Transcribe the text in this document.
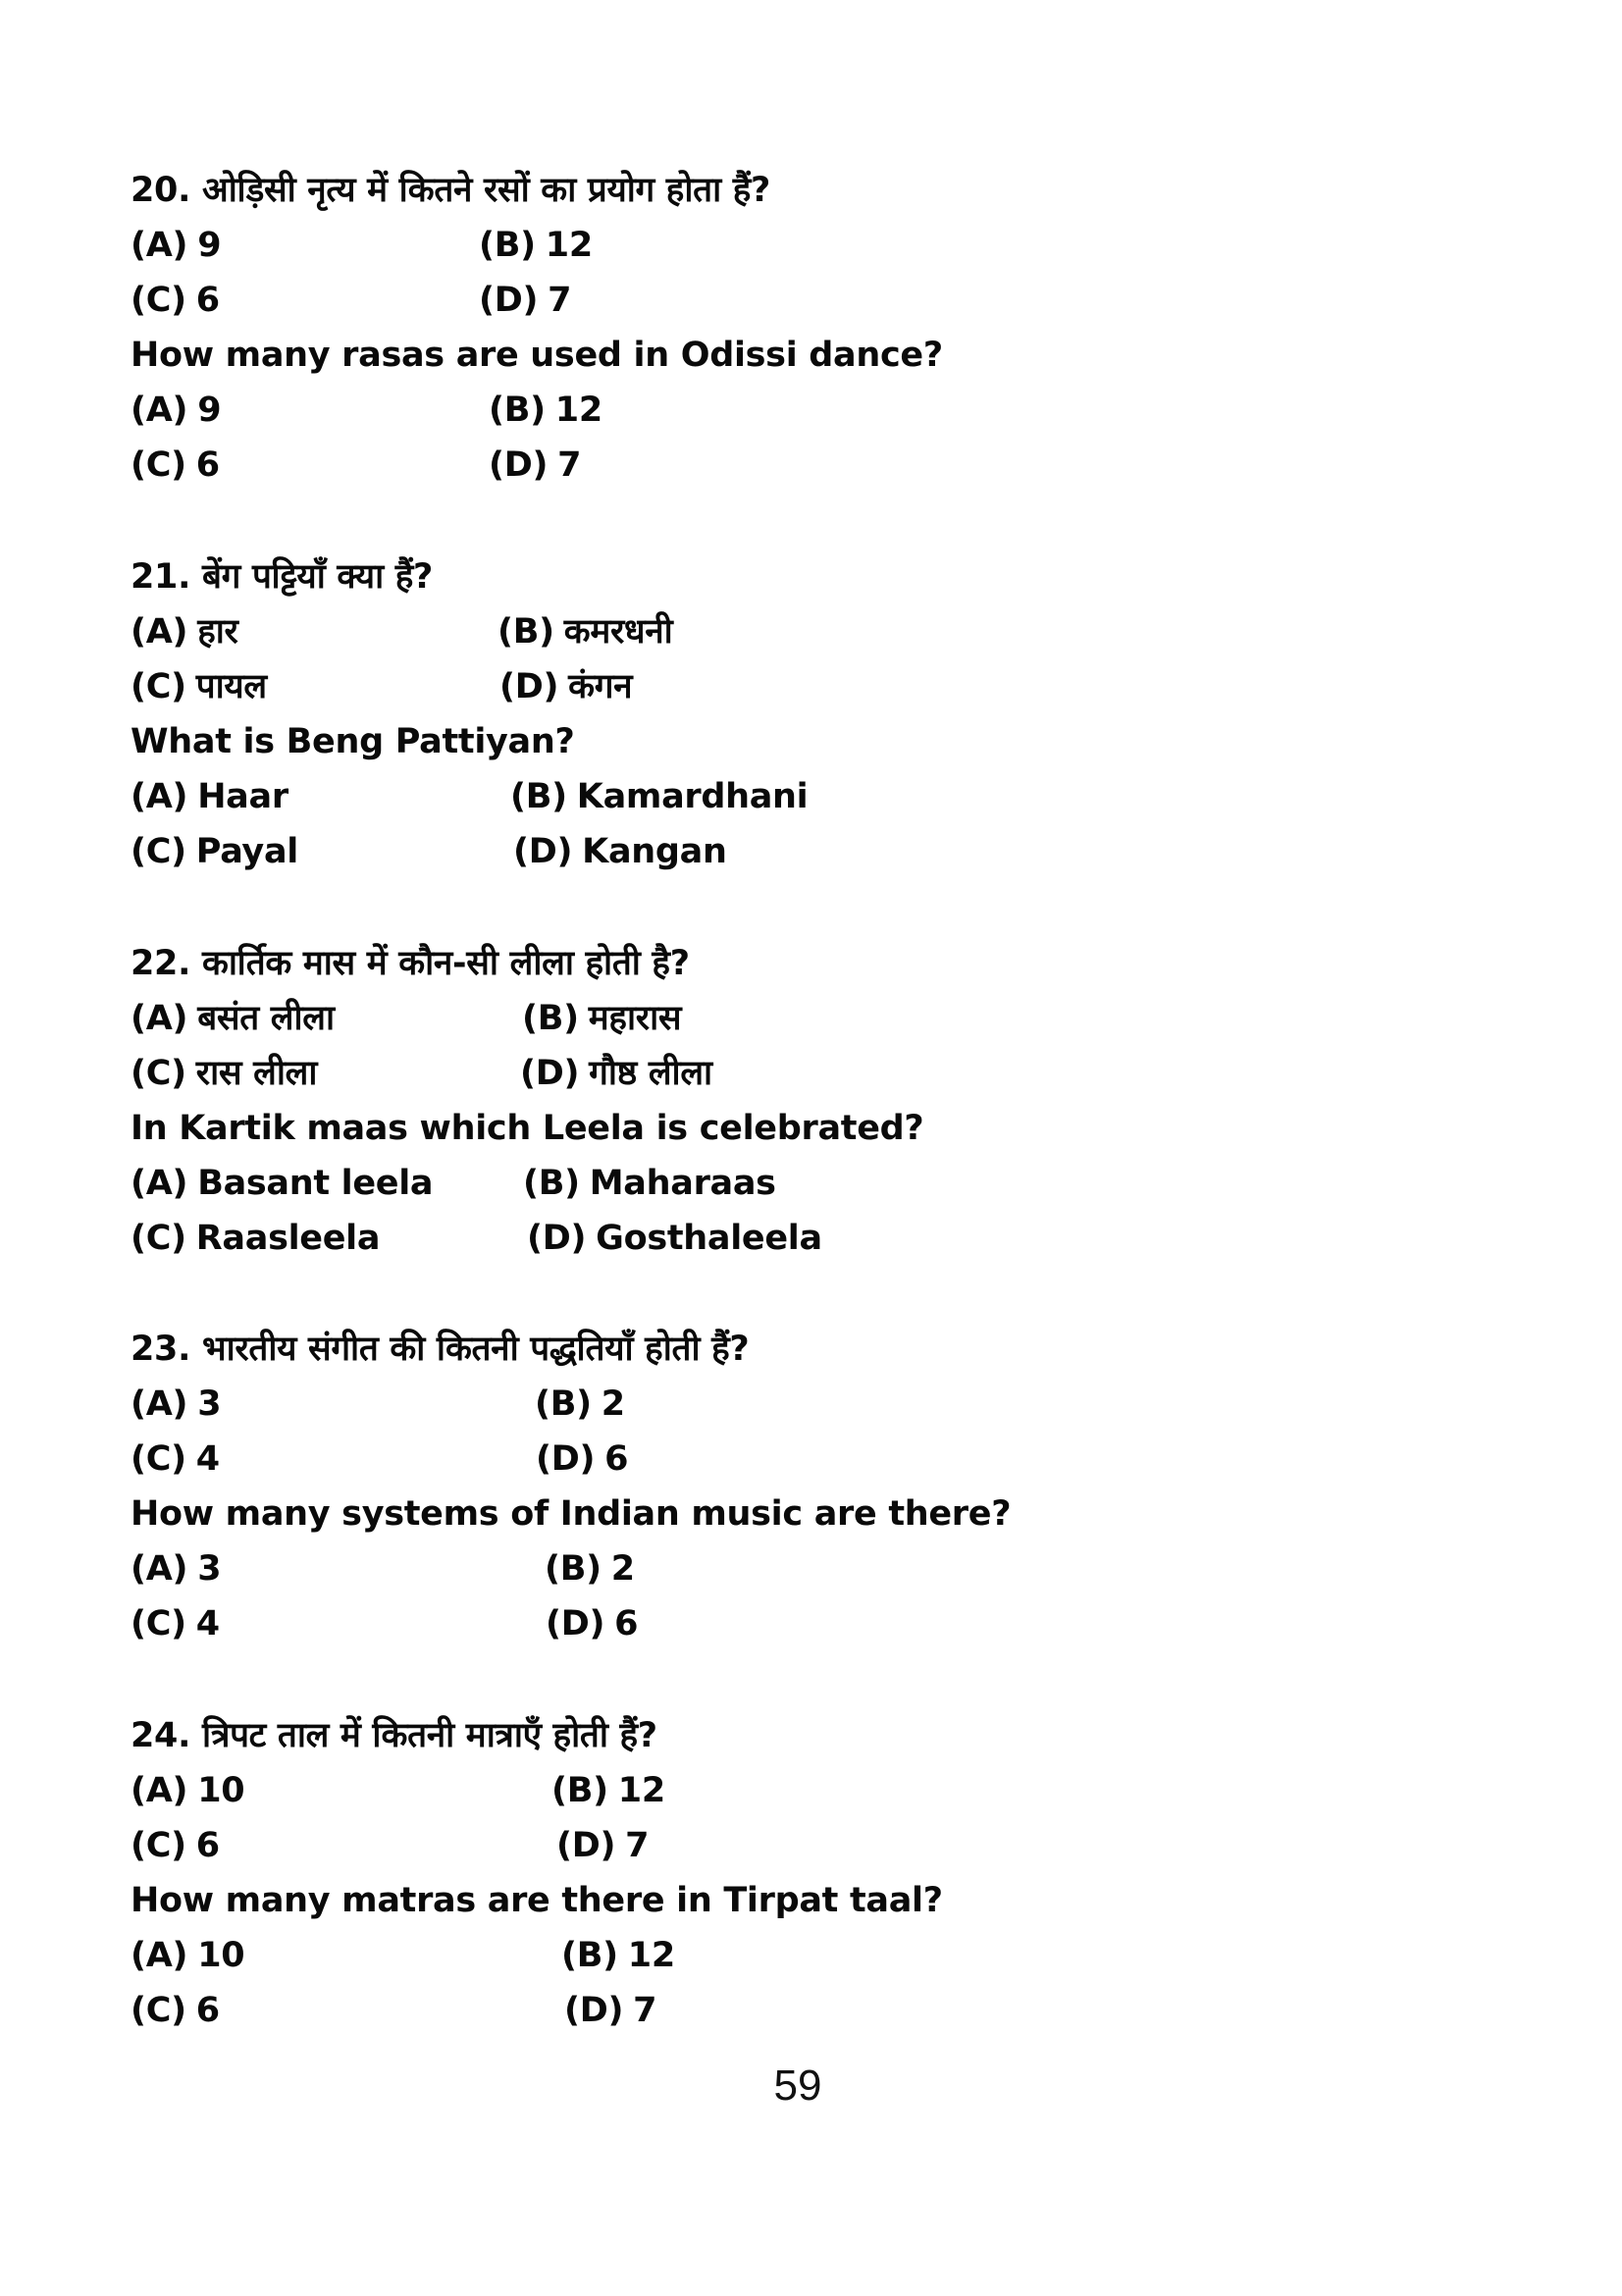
20. ओड़िसी नृत्य में कितने रसों का प्रयोग होता हैं?
(A) 9	(B) 12
(C) 6	(D) 7
How many rasas are used in Odissi dance?
(A) 9	(B) 12
(C) 6	(D) 7
21. बेंग पट्टियाँ क्या हैं?
(A) हार	(B) कमरधनी
(C) पायल	(D) कंगन
What is Beng Pattiyan?
(A) Haar	(B) Kamardhani
(C) Payal	(D) Kangan
22. कार्तिक मास में कौन-सी लीला होती है?
(A) बसंत लीला	(B) महारास
(C) रास लीला	(D) गौष्ठ लीला
In Kartik maas which Leela is celebrated?
(A) Basant leela	(B) Maharaas
(C) Raasleela	(D) Gosthaleela
23. भारतीय संगीत की कितनी पद्धतियाँ होती हैं?
(A) 3	(B) 2
(C) 4	(D) 6
How many systems of Indian music are there?
(A) 3	(B) 2
(C) 4	(D) 6
24. त्रिपट ताल में कितनी मात्राएँ होती हैं?
(A) 10	(B) 12
(C) 6	(D) 7
How many matras are there in Tirpat taal?
(A) 10	(B) 12
(C) 6	(D) 7
59
